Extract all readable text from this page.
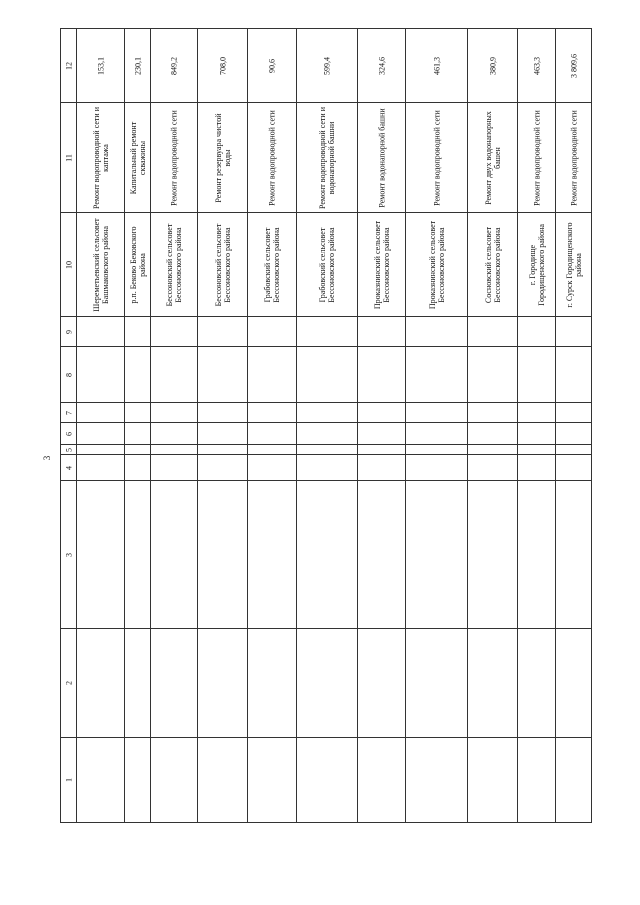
3
12
11
10
9
8
7
6
5
4
3
2
1
153,1
Ремонт водопроводной сети и каптажа
Шереметьевский сельсовет Башмаковского района
230,1
Капитальный ремонт скважины
р.п. Беково Бековского района
849,2
Ремонт водопроводной сети
Бессоновский сельсовет Бессоновского района
708,0
Ремонт резервуара чистой воды
Бессоновский сельсовет Бессоновского района
90,6
Ремонт водопроводной сети
Грабовский сельсовет Бессоновского района
599,4
Ремонт водопроводной сети и водонапорной башни
Грабовский сельсовет Бессоновского района
324,6
Ремонт водонапорной башни
Проказнинский сельсовет Бессоновского района
461,3
Ремонт водопроводной сети
Проказнинский сельсовет Бессоновского района
380,9
Ремонт двух водонапорных башен
Сосновский сельсовет Бессоновского района
463,3
Ремонт водопроводной сети
г. Городище Городищенского района
3 809,6
Ремонт водопроводной сети
г. Сурск Городищенского района
